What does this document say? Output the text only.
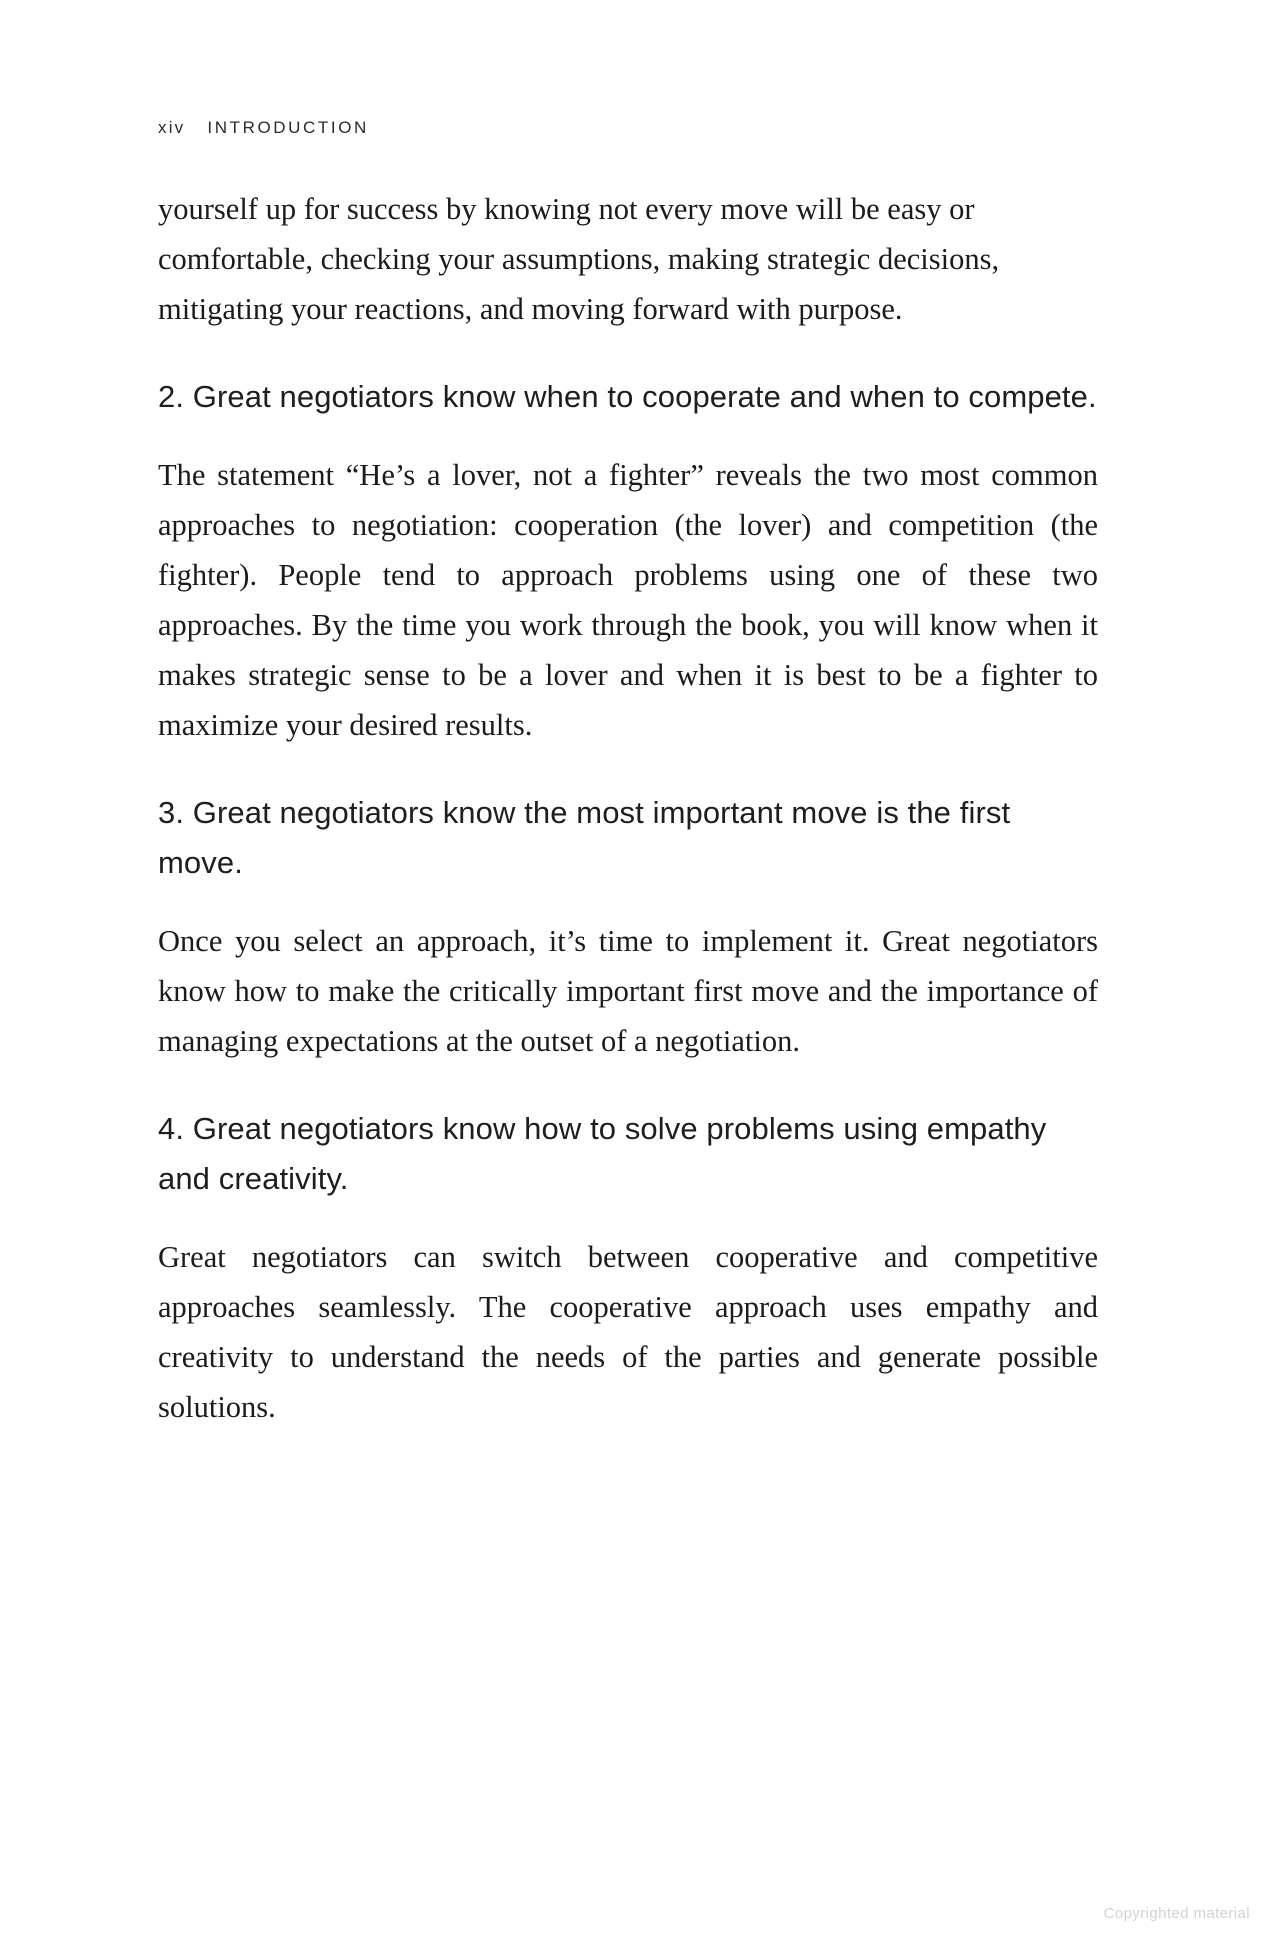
xiv INTRODUCTION

yourself up for success by knowing not every move will be easy or comfortable, checking your assumptions, making strategic decisions, mitigating your reactions, and moving forward with purpose.

2. Great negotiators know when to cooperate and when to compete.

The statement “He’s a lover, not a fighter” reveals the two most common approaches to negotiation: cooperation (the lover) and competition (the fighter). People tend to approach problems using one of these two approaches. By the time you work through the book, you will know when it makes strategic sense to be a lover and when it is best to be a fighter to maximize your desired results.

3. Great negotiators know the most important move is the first move.

Once you select an approach, it’s time to implement it. Great negotiators know how to make the critically important first move and the importance of managing expectations at the outset of a negotiation.

4. Great negotiators know how to solve problems using empathy and creativity.

Great negotiators can switch between cooperative and competitive approaches seamlessly. The cooperative approach uses empathy and creativity to understand the needs of the parties and generate possible solutions.

Copyrighted material
